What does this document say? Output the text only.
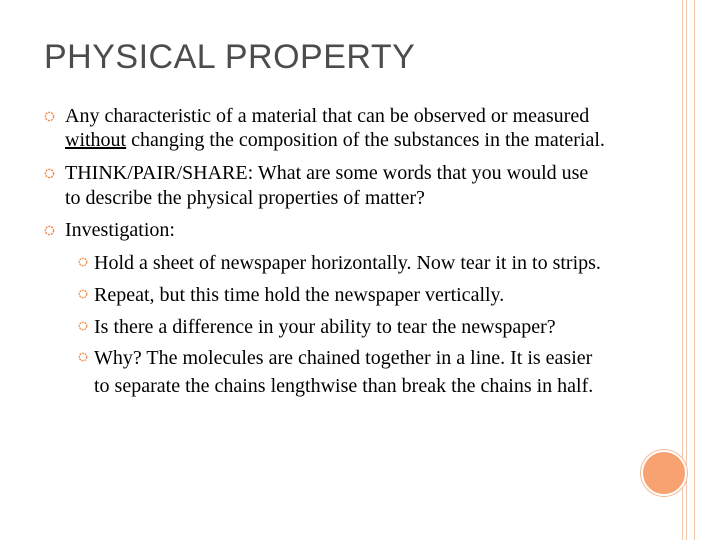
PHYSICAL PROPERTY
Any characteristic of a material that can be observed or measured
without changing the composition of the substances in the material.
THINK/PAIR/SHARE: What are some words that you would use
to describe the physical properties of matter?
Investigation:
Hold a sheet of newspaper horizontally. Now tear it in to strips.
Repeat, but this time hold the newspaper vertically.
Is there a difference in your ability to tear the newspaper?
Why? The molecules are chained together in a line. It is easier
to separate the chains lengthwise than break the chains in half.
